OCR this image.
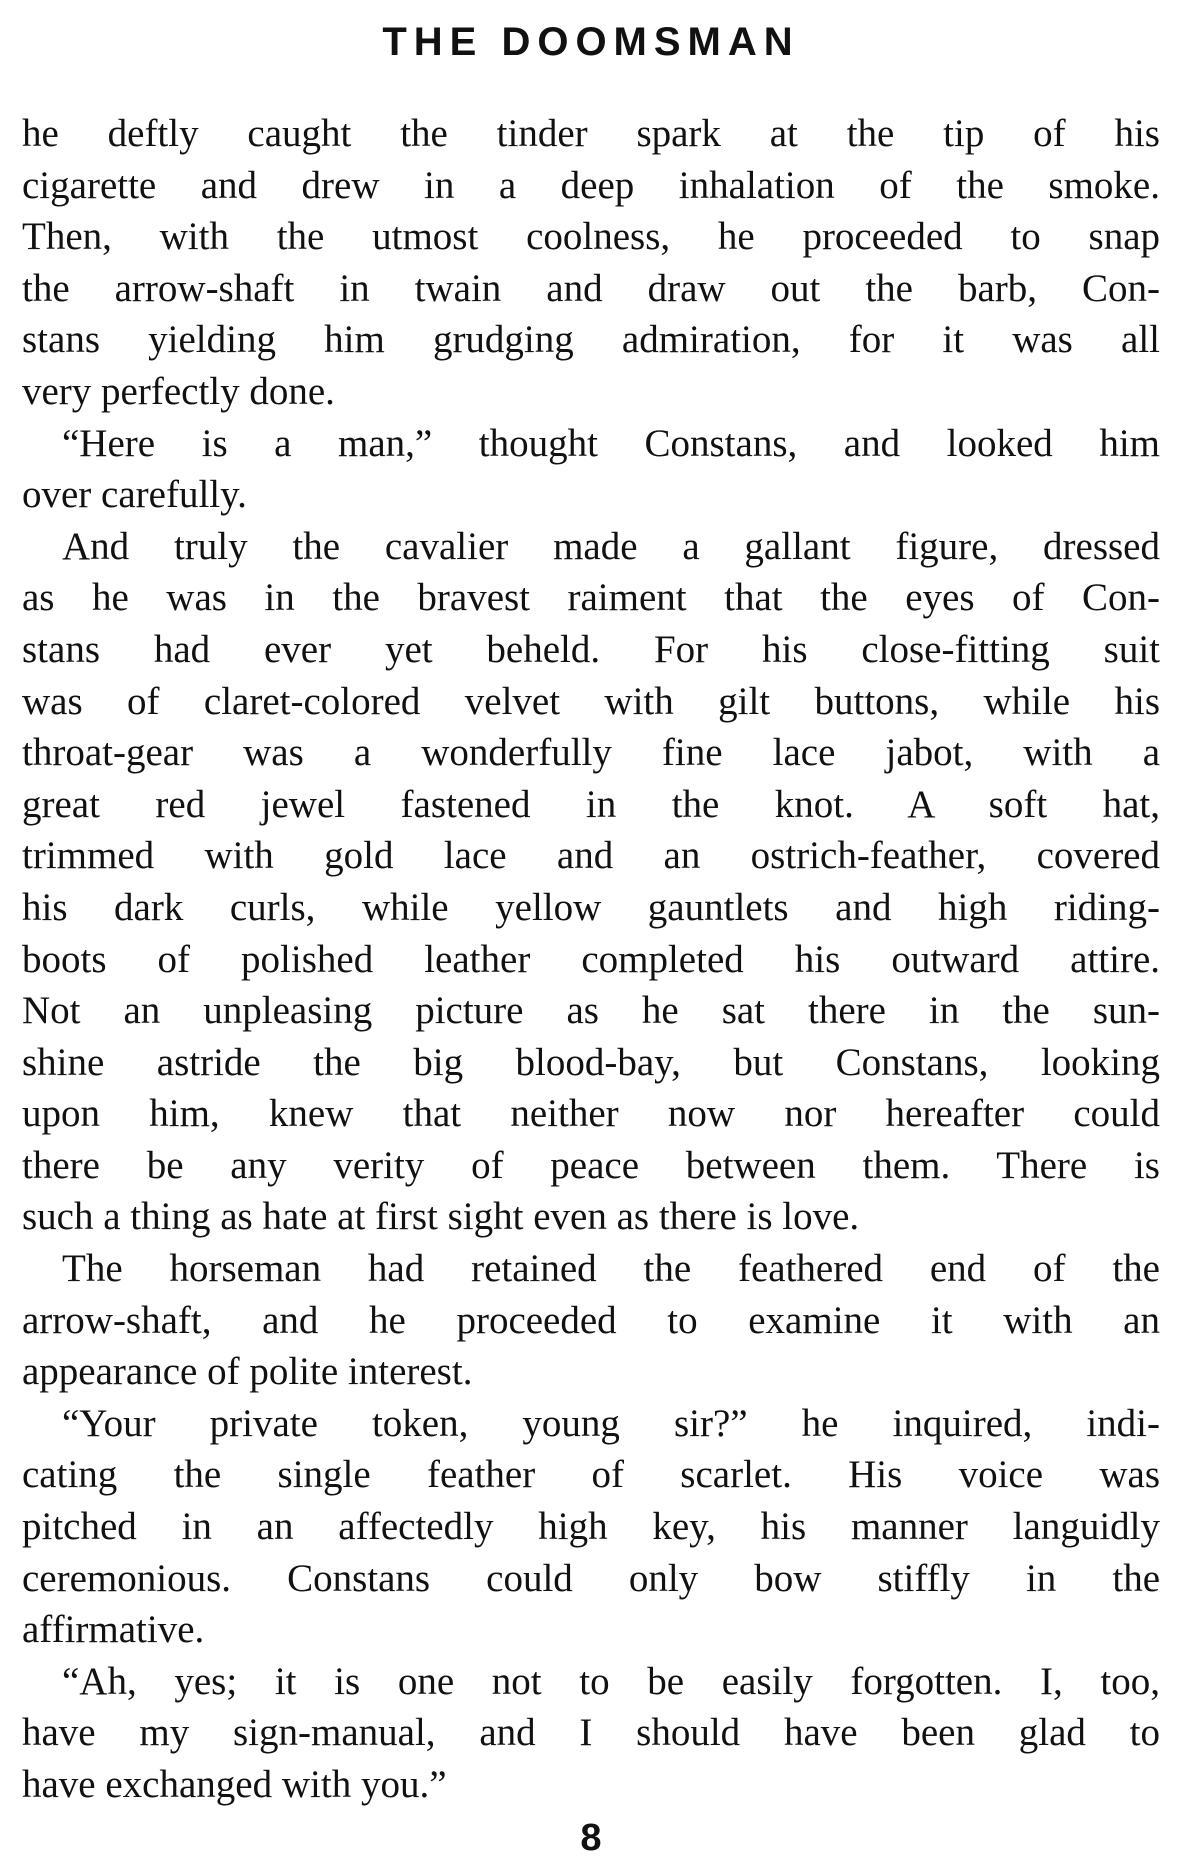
THE DOOMSMAN
he deftly caught the tinder spark at the tip of his
cigarette and drew in a deep inhalation of the smoke.
Then, with the utmost coolness, he proceeded to snap
the arrow-shaft in twain and draw out the barb, Con-
stans yielding him grudging admiration, for it was all
very perfectly done.
“Here is a man,” thought Constans, and looked him
over carefully.
And truly the cavalier made a gallant figure, dressed
as he was in the bravest raiment that the eyes of Con-
stans had ever yet beheld. For his close-fitting suit
was of claret-colored velvet with gilt buttons, while his
throat-gear was a wonderfully fine lace jabot, with a
great red jewel fastened in the knot. A soft hat,
trimmed with gold lace and an ostrich-feather, covered
his dark curls, while yellow gauntlets and high riding-
boots of polished leather completed his outward attire.
Not an unpleasing picture as he sat there in the sun-
shine astride the big blood-bay, but Constans, looking
upon him, knew that neither now nor hereafter could
there be any verity of peace between them. There is
such a thing as hate at first sight even as there is love.
The horseman had retained the feathered end of the
arrow-shaft, and he proceeded to examine it with an
appearance of polite interest.
“Your private token, young sir?” he inquired, indi-
cating the single feather of scarlet. His voice was
pitched in an affectedly high key, his manner languidly
ceremonious. Constans could only bow stiffly in the
affirmative.
“Ah, yes; it is one not to be easily forgotten. I, too,
have my sign-manual, and I should have been glad to
have exchanged with you.”
8
